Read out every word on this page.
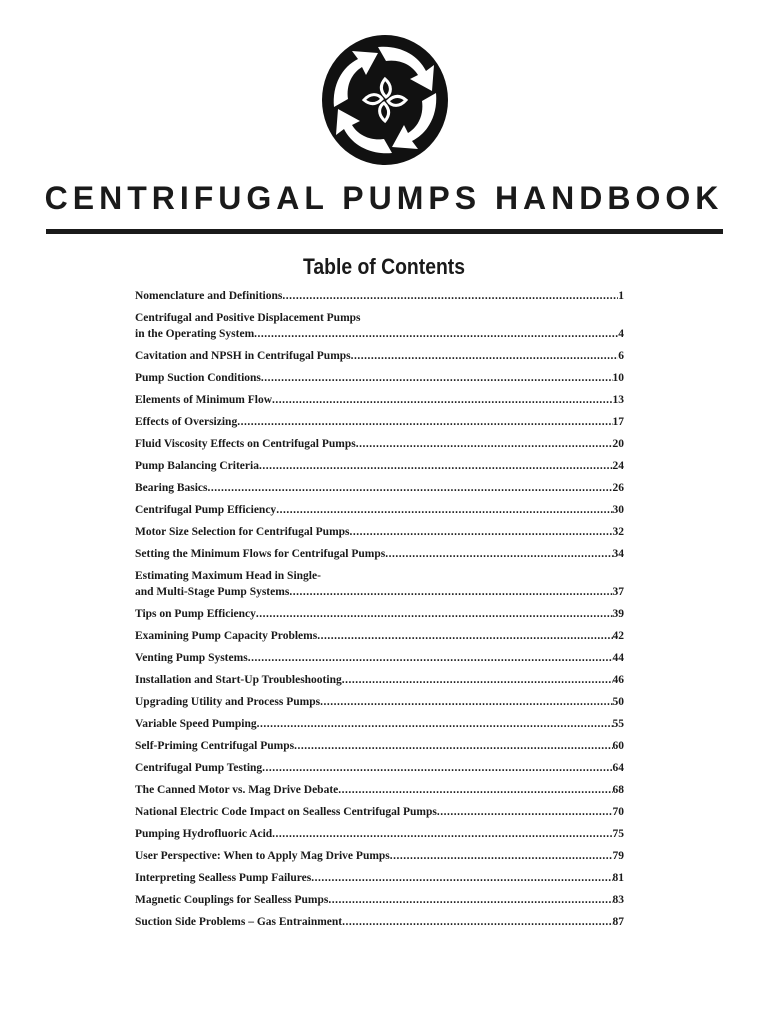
CENTRIFUGAL PUMPS HANDBOOK
Table of Contents
Nomenclature and Definitions .....	1
Centrifugal and Positive Displacement Pumps
in the Operating System .....	4
Cavitation and NPSH in Centrifugal Pumps .....	6
Pump Suction Conditions .....	10
Elements of Minimum Flow .....	13
Effects of Oversizing .....	17
Fluid Viscosity Effects on Centrifugal Pumps .....	20
Pump Balancing Criteria .....	24
Bearing Basics .....	26
Centrifugal Pump Efficiency .....	30
Motor Size Selection for Centrifugal Pumps .....	32
Setting the Minimum Flows for Centrifugal Pumps .....	34
Estimating Maximum Head in Single-
and Multi-Stage Pump Systems .....	37
Tips on Pump Efficiency .....	39
Examining Pump Capacity Problems .....	42
Venting Pump Systems .....	44
Installation and Start-Up Troubleshooting .....	46
Upgrading Utility and Process Pumps .....	50
Variable Speed Pumping .....	55
Self-Priming Centrifugal Pumps .....	60
Centrifugal Pump Testing .....	64
The Canned Motor vs. Mag Drive Debate .....	68
National Electric Code Impact on Sealless Centrifugal Pumps .....	70
Pumping Hydrofluoric Acid .....	75
User Perspective: When to Apply Mag Drive Pumps .....	79
Interpreting Sealless Pump Failures .....	81
Magnetic Couplings for Sealless Pumps .....	83
Suction Side Problems – Gas Entrainment .....	87
